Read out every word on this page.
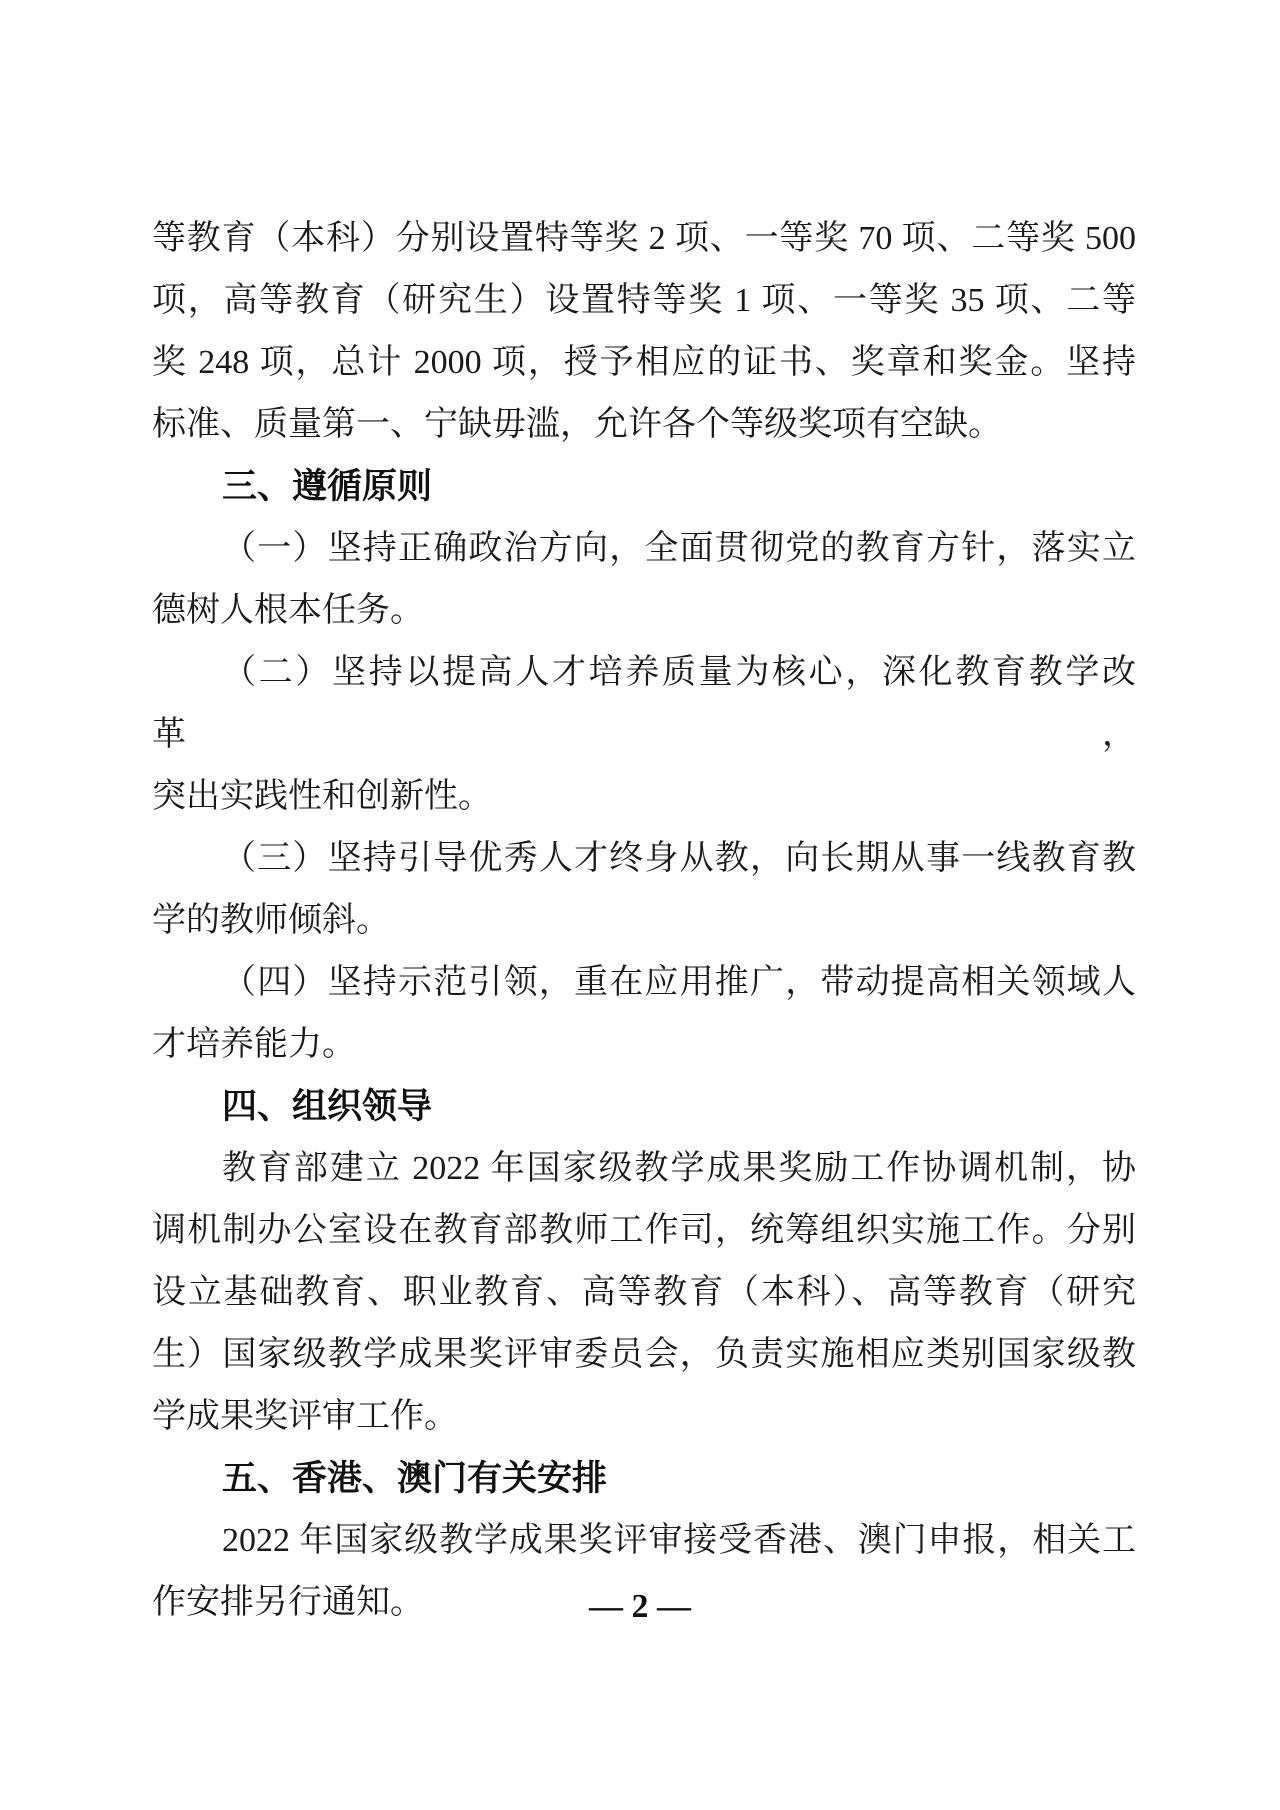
等教育（本科）分别设置特等奖 2 项、一等奖 70 项、二等奖 500
项，高等教育（研究生）设置特等奖 1 项、一等奖 35 项、二等
奖 248 项，总计 2000 项，授予相应的证书、奖章和奖金。坚持
标准、质量第一、宁缺毋滥，允许各个等级奖项有空缺。
三、遵循原则
（一）坚持正确政治方向，全面贯彻党的教育方针，落实立
德树人根本任务。
（二）坚持以提高人才培养质量为核心，深化教育教学改革，
突出实践性和创新性。
（三）坚持引导优秀人才终身从教，向长期从事一线教育教
学的教师倾斜。
（四）坚持示范引领，重在应用推广，带动提高相关领域人
才培养能力。
四、组织领导
教育部建立 2022 年国家级教学成果奖励工作协调机制，协
调机制办公室设在教育部教师工作司，统筹组织实施工作。分别
设立基础教育、职业教育、高等教育（本科）、高等教育（研究
生）国家级教学成果奖评审委员会，负责实施相应类别国家级教
学成果奖评审工作。
五、香港、澳门有关安排
2022 年国家级教学成果奖评审接受香港、澳门申报，相关工
作安排另行通知。	— 2 —
